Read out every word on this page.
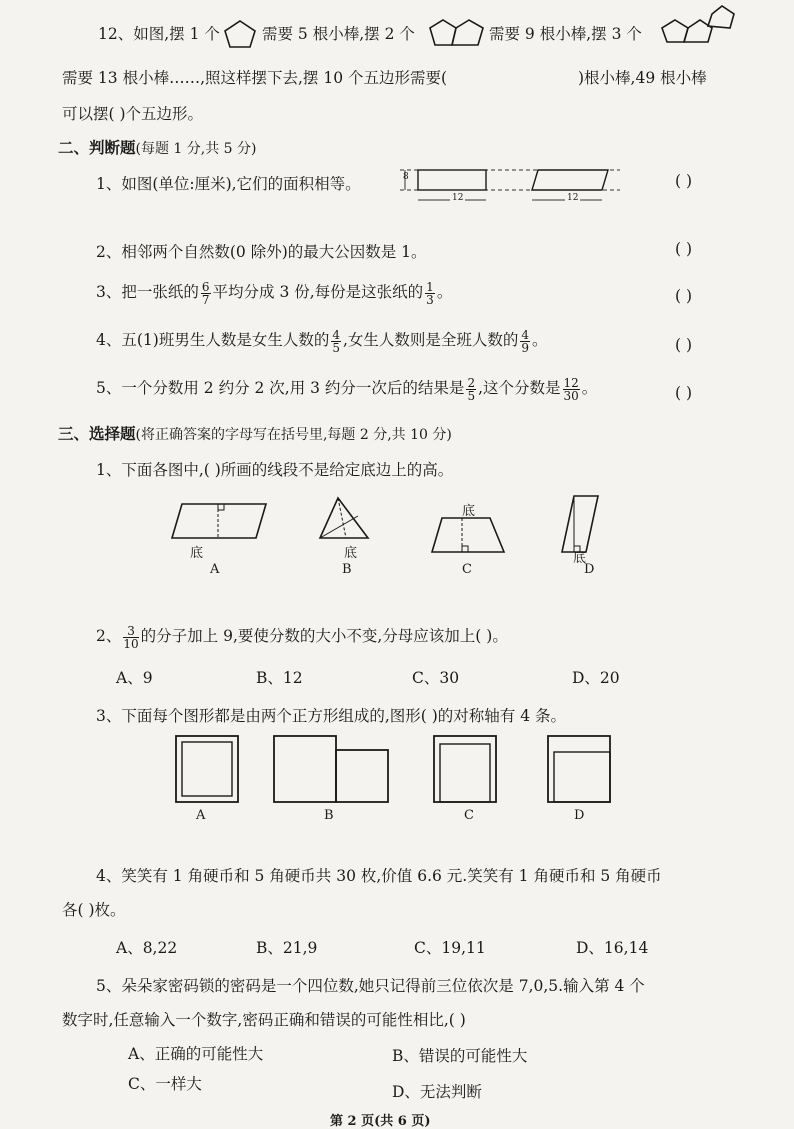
12、如图,摆 1 个	需要 5 根小棒,摆 2 个	需要 9 根小棒,摆 3 个
需要 13 根小棒……,照这样摆下去,摆 10 个五边形需要(	)根小棒,49 根小棒
可以摆( )个五边形。
二、判断题(每题 1 分,共 5 分)
1、如图(单位:厘米),它们的面积相等。	8
12	12
( )
2、相邻两个自然数(0 除外)的最大公因数是 1。	( )
3、把一张纸的 $\frac{6}{7}$ 平均分成 3 份,每份是这张纸的 $\frac{1}{3}$ 。	( )
4、五(1)班男生人数是女生人数的 $\frac{4}{5}$ ,女生人数则是全班人数的 $\frac{4}{9}$ 。	( )
5、一个分数用 2 约分 2 次,用 3 约分一次后的结果是 $\frac{2}{5}$ ,这个分数是 $\frac{12}{30}$ 。	( )
三、选择题(将正确答案的字母写在括号里,每题 2 分,共 10 分)
1、下面各图中,( )所画的线段不是给定底边上的高。
底	底
底
底
A	B	C	D
2、 $\frac{3}{10}$ 的分子加上 9,要使分数的大小不变,分母应该加上( )。
A、9	B、12	C、30	D、20
3、下面每个图形都是由两个正方形组成的,图形( )的对称轴有 4 条。
A	B	C	D
4、笑笑有 1 角硬币和 5 角硬币共 30 枚,价值 6.6 元.笑笑有 1 角硬币和 5 角硬币
各( )枚。
A、8,22	B、21,9	C、19,11	D、16,14
5、朵朵家密码锁的密码是一个四位数,她只记得前三位依次是 7,0,5.输入第 4 个
数字时,任意输入一个数字,密码正确和错误的可能性相比,( )
A、正确的可能性大	B、错误的可能性大
C、一样大	D、无法判断
第 2 页(共 6 页)
